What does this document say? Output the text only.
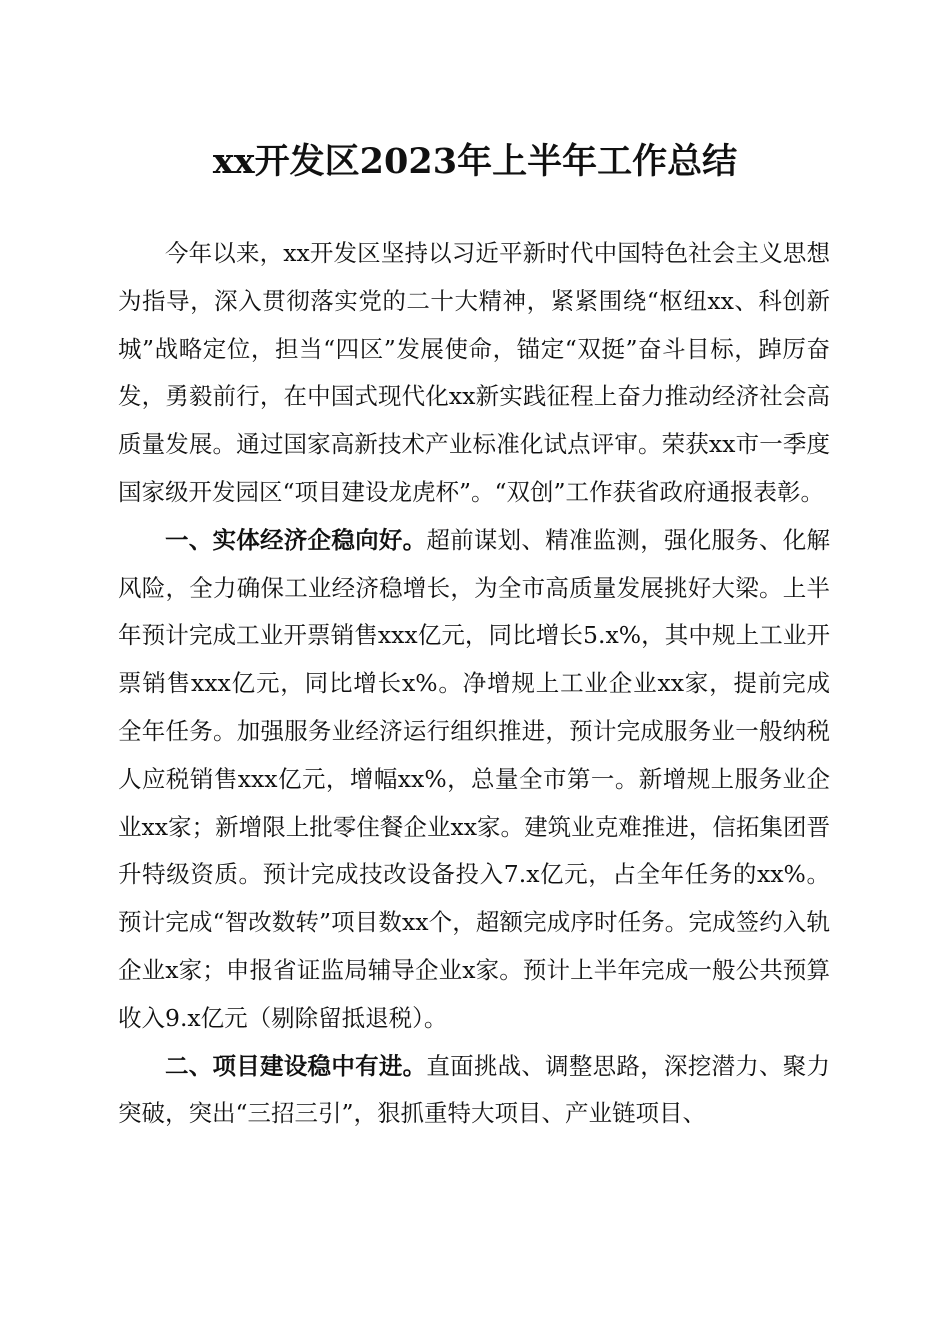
xx开发区2023年上半年工作总结

今年以来，xx开发区坚持以习近平新时代中国特色社会主义思想为指导，深入贯彻落实党的二十大精神，紧紧围绕“枢纽xx、科创新城”战略定位，担当“四区”发展使命，锚定“双挺”奋斗目标，踔厉奋发，勇毅前行，在中国式现代化xx新实践征程上奋力推动经济社会高质量发展。通过国家高新技术产业标准化试点评审。荣获xx市一季度国家级开发园区“项目建设龙虎杯”。“双创”工作获省政府通报表彰。

一、实体经济企稳向好。超前谋划、精准监测，强化服务、化解风险，全力确保工业经济稳增长，为全市高质量发展挑好大梁。上半年预计完成工业开票销售xxx亿元，同比增长5.x%，其中规上工业开票销售xxx亿元，同比增长x%。净增规上工业企业xx家，提前完成全年任务。加强服务业经济运行组织推进，预计完成服务业一般纳税人应税销售xxx亿元，增幅xx%，总量全市第一。新增规上服务业企业xx家；新增限上批零住餐企业xx家。建筑业克难推进，信拓集团晋升特级资质。预计完成技改设备投入7.x亿元，占全年任务的xx%。预计完成“智改数转”项目数xx个，超额完成序时任务。完成签约入轨企业x家；申报省证监局辅导企业x家。预计上半年完成一般公共预算收入9.x亿元（剔除留抵退税）。

二、项目建设稳中有进。直面挑战、调整思路，深挖潜力、聚力突破，突出“三招三引”，狠抓重特大项目、产业链项目、
